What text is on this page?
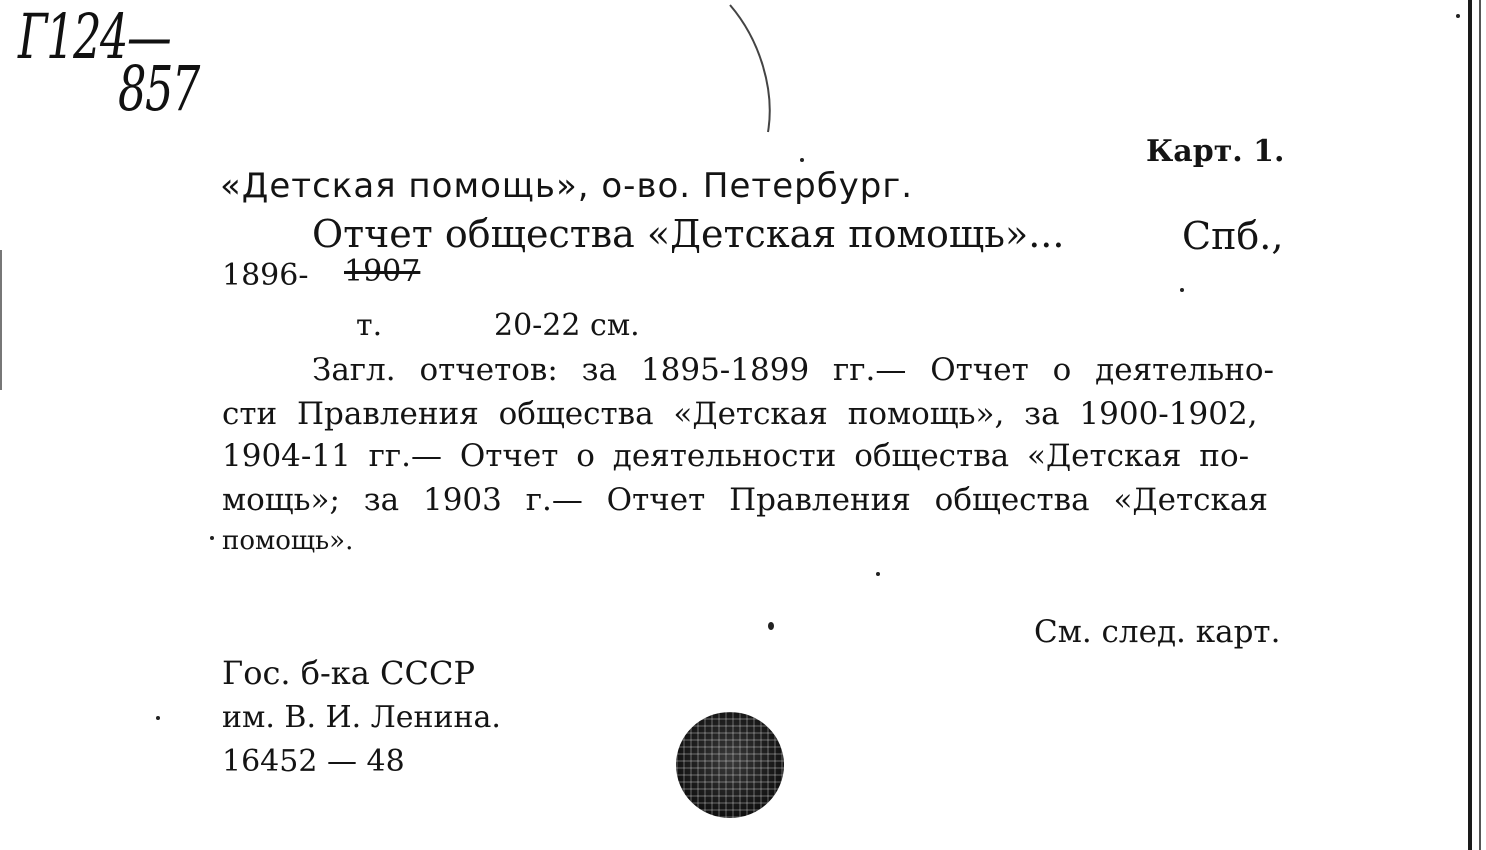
Г124—
857
Карт. 1.
«Детская помощь», о-во. Петербург.
Отчет общества «Детская помощь»...	Спб.,
1896- 1907
т.	20-22 см.
Загл. отчетов: за 1895-1899 гг.— Отчет о деятельно-
сти Правления общества «Детская помощь», за 1900-1902,
1904-11 гг.— Отчет о деятельности общества «Детская по-
мощь»; за 1903 г.— Отчет Правления общества «Детская
помощь».
См. след. карт.
Гос. б-ка СССР
им. В. И. Ленина.
16452 — 48
